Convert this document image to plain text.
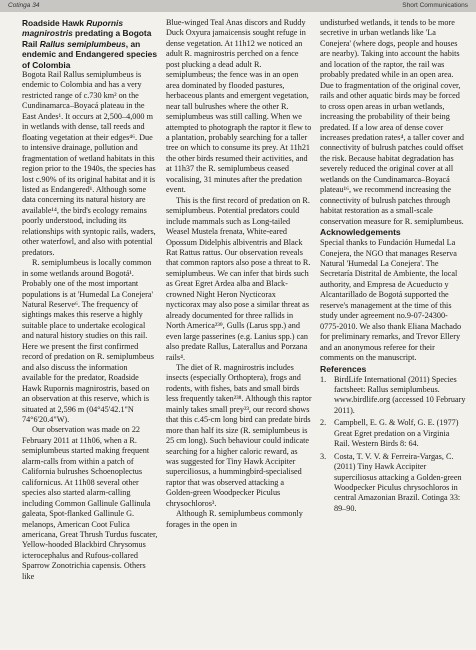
Cotinga 34	Short Communications

Roadside Hawk Rupornis magnirostris predating a Bogota Rail Rallus semiplumbeus, an endemic and Endangered species of Colombia

Bogota Rail Rallus semiplumbeus is endemic to Colombia and has a very restricted range of c.730 km² on the Cundinamarca–Boyacá plateau in the East Andes¹. It occurs at 2,500–4,000 m in wetlands with dense, tall reeds and floating vegetation at their edges⁴⁶. Due to intensive drainage, pollution and fragmentation of wetland habitats in this region prior to the 1940s, the species has lost c.90% of its original habitat and it is listed as Endangered¹. Although some data concerning its natural history are available¹⁴, the bird's ecology remains poorly understood, including its relationships with syntopic rails, waders, other waterfowl, and also with potential predators.

R. semiplumbeus is locally common in some wetlands around Bogotá¹. Probably one of the most important populations is at 'Humedal La Conejera' Natural Reserve⁶. The frequency of sightings makes this reserve a highly suitable place to undertake ecological and natural history studies on this rail. Here we present the first confirmed record of predation on R. semiplumbeus and also discuss the information available for the predator, Roadside Hawk Rupornis magnirostris, based on an observation at this reserve, which is situated at 2,596 m (04°45'42.1"N 74°6'20.4"W).

Our observation was made on 22 February 2011 at 11h06, when a R. semiplumbeus started making frequent alarm-calls from within a patch of California bulrushes Schoenoplectus californicus. At 11h08 several other species also started alarm-calling including Common Gallinule Gallinula galeata, Spot-flanked Gallinule G. melanops, American Coot Fulica americana, Great Thrush Turdus fuscater, Yellow-hooded Blackbird Chrysomus icterocephalus and Rufous-collared Sparrow Zonotrichia capensis. Others like

Blue-winged Teal Anas discors and Ruddy Duck Oxyura jamaicensis sought refuge in dense vegetation. At 11h12 we noticed an adult R. magnirostris perched on a fence post plucking a dead adult R. semiplumbeus; the fence was in an open area dominated by flooded pastures, herbaceous plants and emergent vegetation, near tall bulrushes where the other R. semiplumbeus was still calling. When we attempted to photograph the raptor it flew to a plantation, probably searching for a taller tree on which to consume its prey. At 11h21 the other birds resumed their activities, and at 11h37 the R. semiplumbeus ceased vocalising, 31 minutes after the predation event.

This is the first record of predation on R. semiplumbeus. Potential predators could include mammals such as Long-tailed Weasel Mustela frenata, White-eared Opossum Didelphis albiventris and Black Rat Rattus rattus. Our observation reveals that common raptors also pose a threat to R. semiplumbeus. We can infer that birds such as Great Egret Ardea alba and Black-crowned Night Heron Nycticorax nycticorax may also pose a similar threat as already documented for three rallids in North America²³⁹, Gulls (Larus spp.) and even large passerines (e.g. Lanius spp.) can also predate Rallus, Laterallus and Porzana rails⁴.

The diet of R. magnirostris includes insects (especially Orthoptera), frogs and rodents, with fishes, bats and small birds less frequently taken²³⁸. Although this raptor mainly takes small prey²³, our record shows that this c.45-cm long bird can predate birds more than half its size (R. semiplumbeus is 25 cm long). Such behaviour could indicate searching for a higher caloric reward, as was suggested for Tiny Hawk Accipiter superciliosus, a hummingbird-specialised raptor that was observed attacking a Golden-green Woodpecker Piculus chrysochloros³.

Although R. semiplumbeus commonly forages in the open in

undisturbed wetlands, it tends to be more secretive in urban wetlands like 'La Conejera' (where dogs, people and houses are nearby). Taking into account the habits and location of the raptor, the rail was probably predated while in an open area. Due to fragmentation of the original cover, rails and other aquatic birds may be forced to cross open areas in urban wetlands, increasing the probability of their being predated. If a low area of dense cover increases predation rates⁴, a taller cover and connectivity of bulrush patches could offset the risk. Because habitat degradation has severely reduced the original cover at all wetlands on the Cundinamarca–Boyacá plateau¹⁶, we recommend increasing the connectivity of bulrush patches through habitat restoration as a small-scale conservation measure for R. semiplumbeus.

Acknowledgements

Special thanks to Fundación Humedal La Conejera, the NGO that manages Reserva Natural 'Humedal La Conejera'. The Secretaría Distrital de Ambiente, the local authority, and Empresa de Acueducto y Alcantarillado de Bogotá supported the reserve's management at the time of this study under agreement no.9-07-24300-0775-2010. We also thank Eliana Machado for preliminary remarks, and Trevor Ellery and an anonymous referee for their comments on the manuscript.

References

1. BirdLife International (2011) Species factsheet: Rallus semiplumbeus. www.birdlife.org (accessed 10 February 2011).
2. Campbell, E. G. & Wolf, G. E. (1977) Great Egret predation on a Virginia Rail. Western Birds 8: 64.
3. Costa, T. V. V. & Ferreira-Vargas, C. (2011) Tiny Hawk Accipiter superciliosus attacking a Golden-green Woodpecker Piculus chrysochloros in central Amazonian Brazil. Cotinga 33: 89–90.
